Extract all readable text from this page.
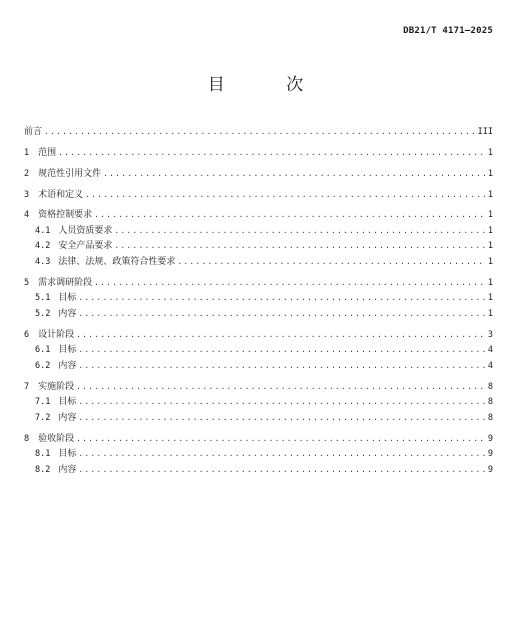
DB21/T 4171—2025
目 次
前言 .....	III
1 范围 .....	1
2 规范性引用文件 .....	1
3 术语和定义 .....	1
4 资格控制要求 .....	1
4.1 人员资质要求 .....	1
4.2 安全产品要求 .....	1
4.3 法律、法规、政策符合性要求 .....	1
5 需求调研阶段 .....	1
5.1 目标 .....	1
5.2 内容 .....	1
6 设计阶段 .....	3
6.1 目标 .....	4
6.2 内容 .....	4
7 实施阶段 .....	8
7.1 目标 .....	8
7.2 内容 .....	8
8 验收阶段 .....	9
8.1 目标 .....	9
8.2 内容 .....	9
